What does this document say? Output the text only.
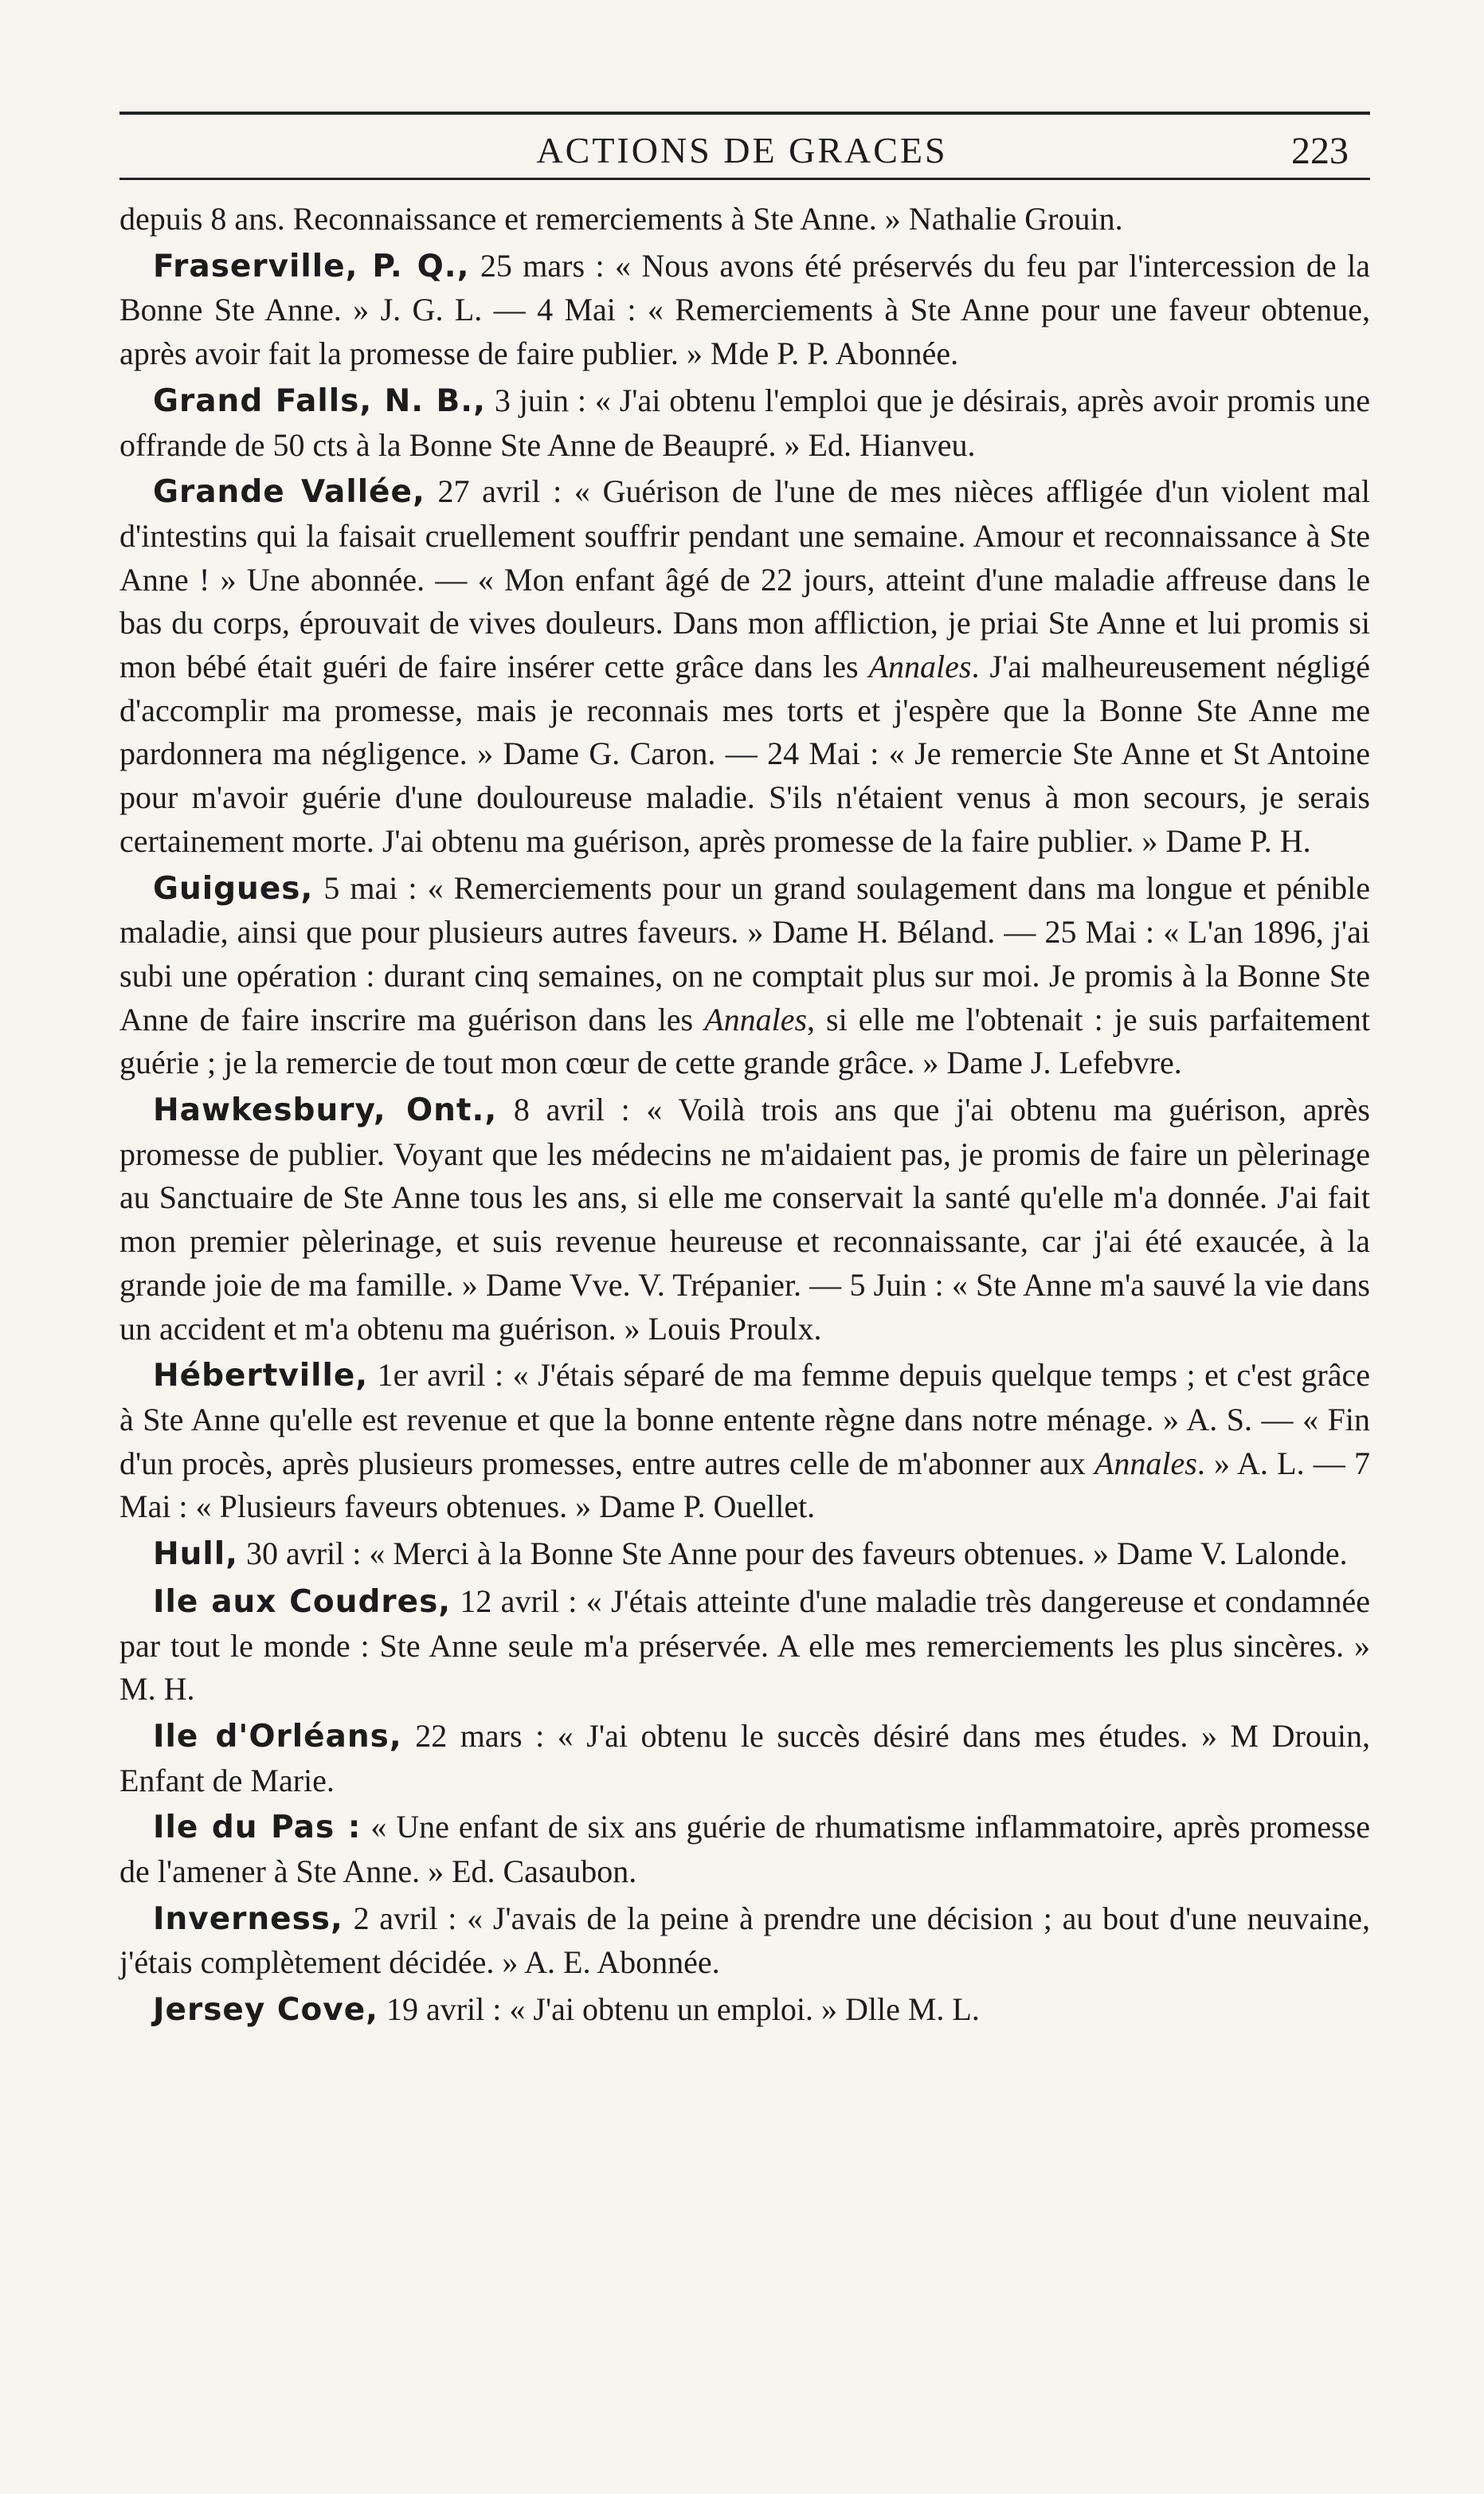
ACTIONS DE GRACES	223

depuis 8 ans. Reconnaissance et remerciements à Ste Anne. » Nathalie Grouin.

Fraserville, P. Q., 25 mars : « Nous avons été préservés du feu par l'intercession de la Bonne Ste Anne. » J. G. L. — 4 Mai : « Remerciements à Ste Anne pour une faveur obtenue, après avoir fait la promesse de faire publier. » Mde P. P. Abonnée.

Grand Falls, N. B., 3 juin : « J'ai obtenu l'emploi que je désirais, après avoir promis une offrande de 50 cts à la Bonne Ste Anne de Beaupré. » Ed. Hianveu.

Grande Vallée, 27 avril : « Guérison de l'une de mes nièces affligée d'un violent mal d'intestins qui la faisait cruellement souffrir pendant une semaine. Amour et reconnaissance à Ste Anne ! » Une abonnée. — « Mon enfant âgé de 22 jours, atteint d'une maladie affreuse dans le bas du corps, éprouvait de vives douleurs. Dans mon affliction, je priai Ste Anne et lui promis si mon bébé était guéri de faire insérer cette grâce dans les Annales. J'ai malheureusement négligé d'accomplir ma promesse, mais je reconnais mes torts et j'espère que la Bonne Ste Anne me pardonnera ma négligence. » Dame G. Caron. — 24 Mai : « Je remercie Ste Anne et St Antoine pour m'avoir guérie d'une douloureuse maladie. S'ils n'étaient venus à mon secours, je serais certainement morte. J'ai obtenu ma guérison, après promesse de la faire publier. » Dame P. H.

Guigues, 5 mai : « Remerciements pour un grand soulagement dans ma longue et pénible maladie, ainsi que pour plusieurs autres faveurs. » Dame H. Béland. — 25 Mai : « L'an 1896, j'ai subi une opération : durant cinq semaines, on ne comptait plus sur moi. Je promis à la Bonne Ste Anne de faire inscrire ma guérison dans les Annales, si elle me l'obtenait : je suis parfaitement guérie ; je la remercie de tout mon cœur de cette grande grâce. » Dame J. Lefebvre.

Hawkesbury, Ont., 8 avril : « Voilà trois ans que j'ai obtenu ma guérison, après promesse de publier. Voyant que les médecins ne m'aidaient pas, je promis de faire un pèlerinage au Sanctuaire de Ste Anne tous les ans, si elle me conservait la santé qu'elle m'a donnée. J'ai fait mon premier pèlerinage, et suis revenue heureuse et reconnaissante, car j'ai été exaucée, à la grande joie de ma famille. » Dame Vve. V. Trépanier. — 5 Juin : « Ste Anne m'a sauvé la vie dans un accident et m'a obtenu ma guérison. » Louis Proulx.

Hébertville, 1er avril : « J'étais séparé de ma femme depuis quelque temps ; et c'est grâce à Ste Anne qu'elle est revenue et que la bonne entente règne dans notre ménage. » A. S. — « Fin d'un procès, après plusieurs promesses, entre autres celle de m'abonner aux Annales. » A. L. — 7 Mai : « Plusieurs faveurs obtenues. » Dame P. Ouellet.

Hull, 30 avril : « Merci à la Bonne Ste Anne pour des faveurs obtenues. » Dame V. Lalonde.

Ile aux Coudres, 12 avril : « J'étais atteinte d'une maladie très dangereuse et condamnée par tout le monde : Ste Anne seule m'a préservée. A elle mes remerciements les plus sincères. » M. H.

Ile d'Orléans, 22 mars : « J'ai obtenu le succès désiré dans mes études. » M Drouin, Enfant de Marie.

Ile du Pas : « Une enfant de six ans guérie de rhumatisme inflammatoire, après promesse de l'amener à Ste Anne. » Ed. Casaubon.

Inverness, 2 avril : « J'avais de la peine à prendre une décision ; au bout d'une neuvaine, j'étais complètement décidée. » A. E. Abonnée.

Jersey Cove, 19 avril : « J'ai obtenu un emploi. » Dlle M. L.
